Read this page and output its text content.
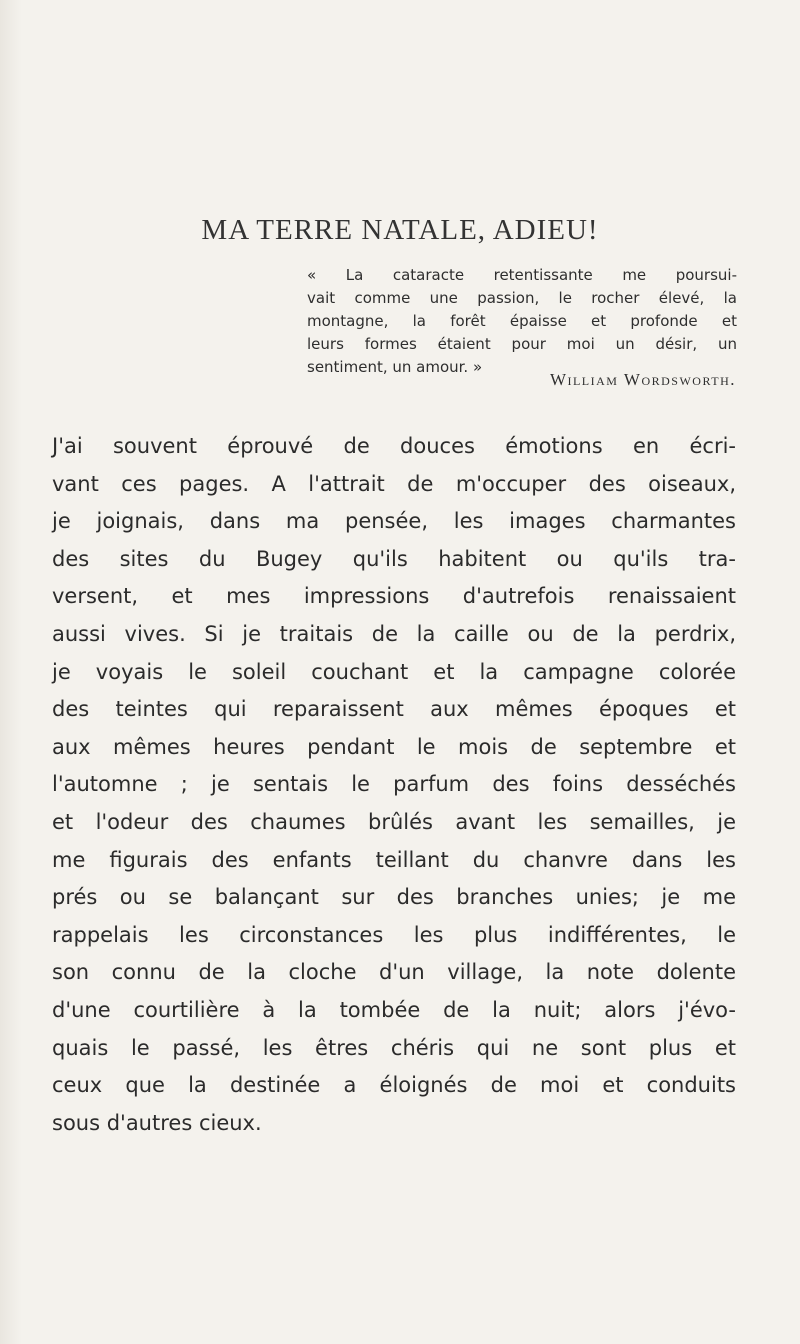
MA TERRE NATALE, ADIEU!
« La cataracte retentissante me poursui-
vait comme une passion, le rocher élevé, la
montagne, la forêt épaisse et profonde et
leurs formes étaient pour moi un désir, un
sentiment, un amour. »
William Wordsworth.
J'ai souvent éprouvé de douces émotions en écri-
vant ces pages. A l'attrait de m'occuper des oiseaux,
je joignais, dans ma pensée, les images charmantes
des sites du Bugey qu'ils habitent ou qu'ils tra-
versent, et mes impressions d'autrefois renaissaient
aussi vives. Si je traitais de la caille ou de la perdrix,
je voyais le soleil couchant et la campagne colorée
des teintes qui reparaissent aux mêmes époques et
aux mêmes heures pendant le mois de septembre et
l'automne ; je sentais le parfum des foins desséchés
et l'odeur des chaumes brûlés avant les semailles, je
me figurais des enfants teillant du chanvre dans les
prés ou se balançant sur des branches unies; je me
rappelais les circonstances les plus indifférentes, le
son connu de la cloche d'un village, la note dolente
d'une courtilière à la tombée de la nuit; alors j'évo-
quais le passé, les êtres chéris qui ne sont plus et
ceux que la destinée a éloignés de moi et conduits
sous d'autres cieux.
